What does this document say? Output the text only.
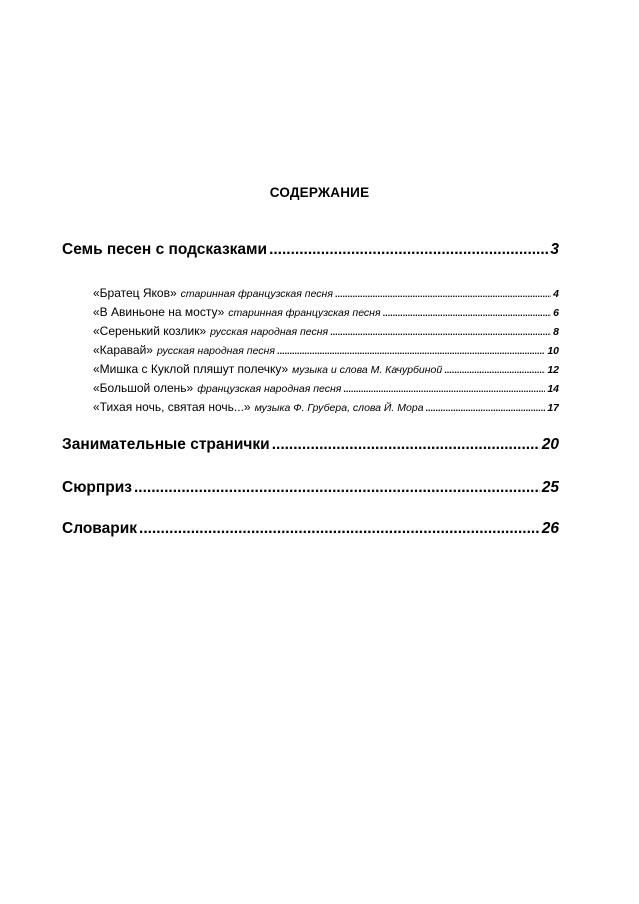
СОДЕРЖАНИЕ
Семь песен с подсказками .....	3
«Братец Яков» старинная французская песня .....	4
«В Авиньоне на мосту» старинная французская песня .....	6
«Серенький козлик» русская народная песня .....	8
«Каравай» русская народная песня .....	10
«Мишка с Куклой пляшут полечку» музыка и слова М. Качурбиной .....	12
«Большой олень» французская народная песня .....	14
«Тихая ночь, святая ночь...» музыка Ф. Грубера, слова Й. Мора .....	17
Занимательные странички .....	20
Сюрприз .....	25
Словарик .....	26
